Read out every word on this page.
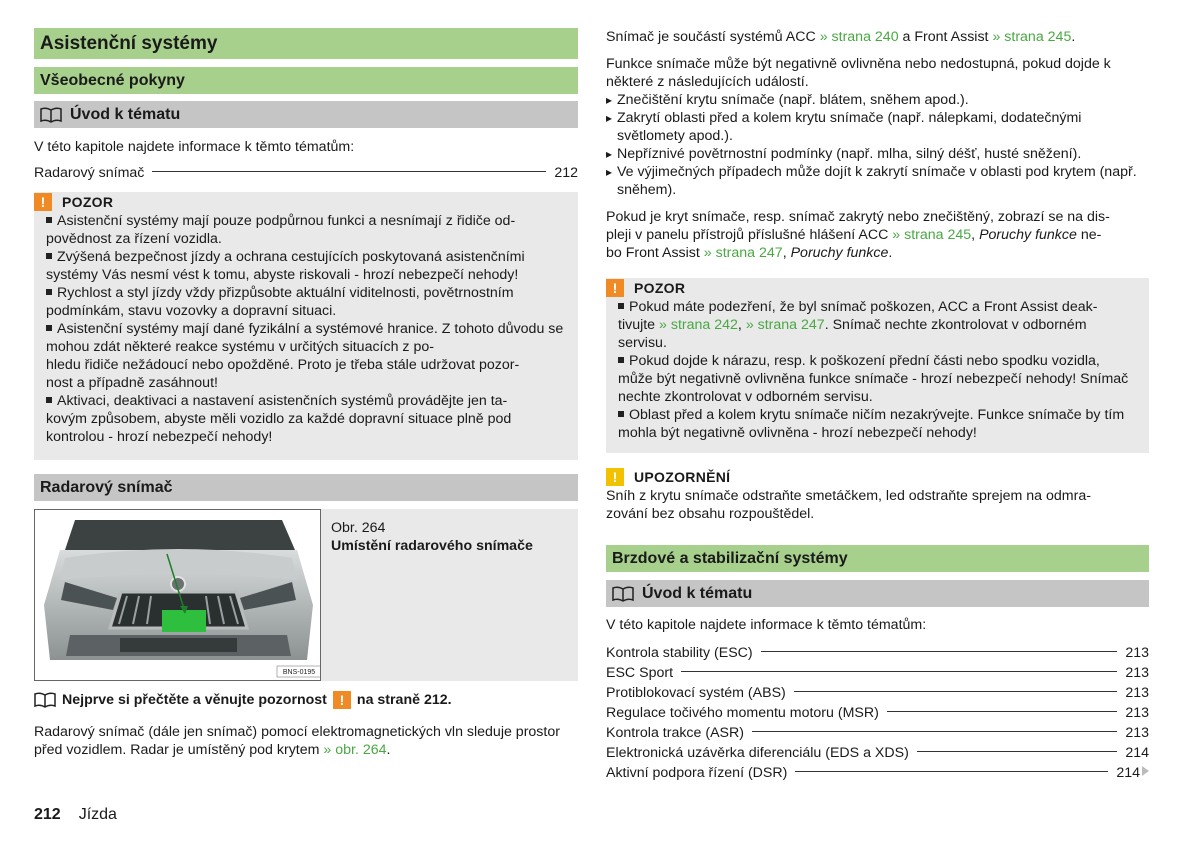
Asistenční systémy
Všeobecné pokyny
Úvod k tématu

V této kapitole najdete informace k těmto tématům:

Radarový snímač	212
!	POZOR
Asistenční systémy mají pouze podpůrnou funkci a nesnímají z řidiče od-
povědnost za řízení vozidla.
Zvýšená bezpečnost jízdy a ochrana cestujících poskytovaná asistenčními systémy Vás nesmí vést k tomu, abyste riskovali - hrozí nebezpečí nehody!
Rychlost a styl jízdy vždy přizpůsobte aktuální viditelnosti, povětrnostním podmínkám, stavu vozovky a dopravní situaci.
Asistenční systémy mají dané fyzikální a systémové hranice. Z tohoto důvodu se mohou zdát některé reakce systému v určitých situacích z po-
hledu řidiče nežádoucí nebo opožděné. Proto je třeba stále udržovat pozor-
nost a případně zasáhnout!
Aktivaci, deaktivaci a nastavení asistenčních systémů provádějte jen ta-
kovým způsobem, abyste měli vozidlo za každé dopravní situace plně pod kontrolou - hrozí nebezpečí nehody!
Radarový snímač
BNS-0195
Obr. 264
Umístění radarového snímače
Nejprve si přečtěte a věnujte pozornost ! na straně 212.

Radarový snímač (dále jen snímač) pomocí elektromagnetických vln sleduje prostor před vozidlem. Radar je umístěný pod krytem » obr. 264.

Snímač je součástí systémů ACC » strana 240 a Front Assist » strana 245.

Funkce snímače může být negativně ovlivněna nebo nedostupná, pokud dojde k některé z následujících událostí.

▸ Znečištění krytu snímače (např. blátem, sněhem apod.).
▸ Zakrytí oblasti před a kolem krytu snímače (např. nálepkami, dodatečnými světlomety apod.).
▸ Nepříznivé povětrnostní podmínky (např. mlha, silný déšť, husté sněžení).
▸ Ve výjimečných případech může dojít k zakrytí snímače v oblasti pod krytem (např. sněhem).

Pokud je kryt snímače, resp. snímač zakrytý nebo znečištěný, zobrazí se na dis-
pleji v panelu přístrojů příslušné hlášení ACC » strana 245, Poruchy funkce ne-
bo Front Assist » strana 247, Poruchy funkce.

!	POZOR
Pokud máte podezření, že byl snímač poškozen, ACC a Front Assist deak-
tivujte » strana 242, » strana 247. Snímač nechte zkontrolovat v odborném servisu.
Pokud dojde k nárazu, resp. k poškození přední části nebo spodku vozidla, může být negativně ovlivněna funkce snímače - hrozí nebezpečí nehody! Snímač nechte zkontrolovat v odborném servisu.
Oblast před a kolem krytu snímače ničím nezakrývejte. Funkce snímače by tím mohla být negativně ovlivněna - hrozí nebezpečí nehody!
!	UPOZORNĚNÍ

Sníh z krytu snímače odstraňte smetáčkem, led odstraňte sprejem na odmra-
zování bez obsahu rozpouštědel.

Brzdové a stabilizační systémy
Úvod k tématu

V této kapitole najdete informace k těmto tématům:

Kontrola stability (ESC)	213
ESC Sport	213
Protiblokovací systém (ABS)	213
Regulace točivého momentu motoru (MSR)	213
Kontrola trakce (ASR)	213
Elektronická uzávěrka diferenciálu (EDS a XDS)	214
Aktivní podpora řízení (DSR)	214
212 Jízda
